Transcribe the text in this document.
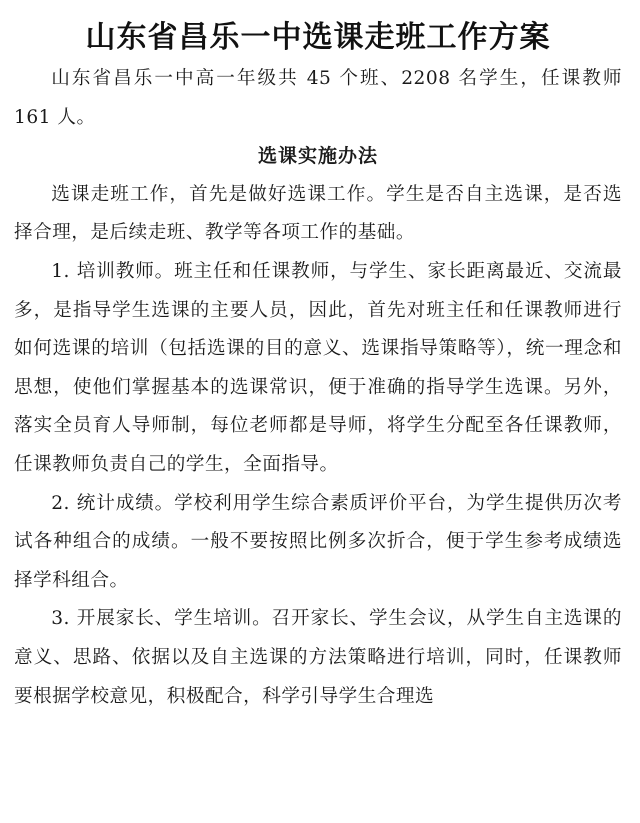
山东省昌乐一中选课走班工作方案

山东省昌乐一中高一年级共 45 个班、2208 名学生，任课教师 161 人。

选课实施办法

选课走班工作，首先是做好选课工作。学生是否自主选课，是否选择合理，是后续走班、教学等各项工作的基础。

1. 培训教师。班主任和任课教师，与学生、家长距离最近、交流最多，是指导学生选课的主要人员，因此，首先对班主任和任课教师进行如何选课的培训（包括选课的目的意义、选课指导策略等），统一理念和思想，使他们掌握基本的选课常识，便于准确的指导学生选课。另外，落实全员育人导师制，每位老师都是导师，将学生分配至各任课教师，任课教师负责自己的学生，全面指导。

2. 统计成绩。学校利用学生综合素质评价平台，为学生提供历次考试各种组合的成绩。一般不要按照比例多次折合，便于学生参考成绩选择学科组合。

3. 开展家长、学生培训。召开家长、学生会议，从学生自主选课的意义、思路、依据以及自主选课的方法策略进行培训，同时，任课教师要根据学校意见，积极配合，科学引导学生合理选
